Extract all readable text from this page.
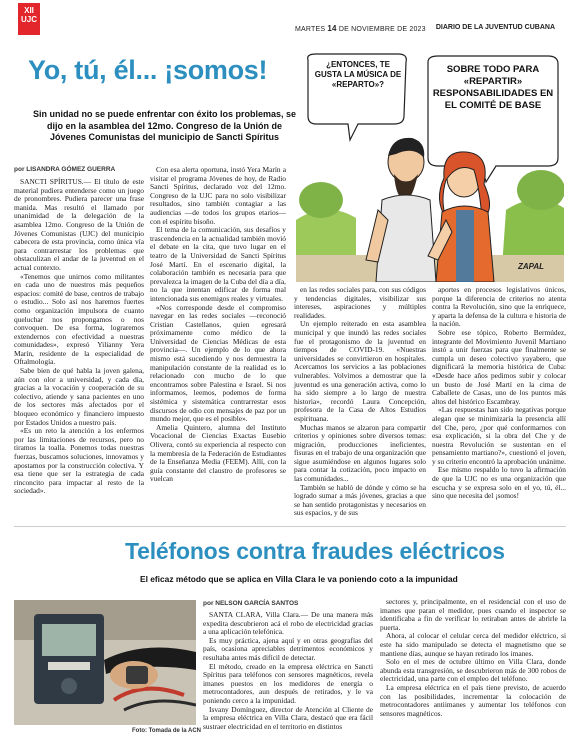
XII UJC
MARTES 14 DE NOVIEMBRE DE 2023 DIARIO DE LA JUVENTUD CUBANA
Yo, tú, él... ¡somos!
Sin unidad no se puede enfrentar con éxito los problemas, se dijo en la asamblea del 12mo. Congreso de la Unión de Jóvenes Comunistas del municipio de Sancti Spíritus
por LISANDRA GÓMEZ GUERRA
¿ENTONCES, TE GUSTA LA MÚSICA DE «REPARTO»?
SOBRE TODO PARA «REPARTIR» RESPONSABILIDADES EN EL COMITÉ DE BASE
ZAPAL

SANCTI SPÍRITUS.— El título de este material pudiera entenderse como un juego de pronombres. Pudiera parecer una frase manida. Mas resultó el llamado por unanimidad de la delegación de la asamblea 12mo. Congreso de la Unión de Jóvenes Comunistas (UJC) del municipio cabecera de esta provincia, como única vía para contrarrestar los problemas que obstaculizan el andar de la juventud en el actual contexto.

«Tenemos que unirnos como militantes en cada uno de nuestros más pequeños espacios: comité de base, centros de trabajo o estudio... Solo así nos haremos fuertes como organización impulsora de cuanto queluchar nos propongamos o nos convoquen. De esa forma, lograremos extendernos con efectividad a nuestras comunidades», expresó Yilianny Yera Marín, residente de la especialidad de Oftalmología.

Sabe bien de qué habla la joven galena, aún con olor a universidad, y cada día, gracias a la vocación y cooperación de su colectivo, atiende y sana pacientes en uno de los sectores más afectados por el bloqueo económico y financiero impuesto por Estados Unidos a nuestro país.

«Es un reto la atención a los enfermos por las limitaciones de recursos, pero no tiramos la toalla. Ponemos todas nuestras fuerzas, buscamos soluciones, innovamos y apostamos por la construcción colectiva. Y esa tiene que ser la estrategia de cada rinconcito para impactar al resto de la sociedad».

Con esa alerta oportuna, instó Yera Marín a visitar el programa Jóvenes de hoy, de Radio Sancti Spíritus, declarado voz del 12mo. Congreso de la UJC para no solo visibilizar resultados, sino también contagiar a las audiencias —de todos los grupos etarios— con el espíritu bisoño.

El tema de la comunicación, sus desafíos y trascendencia en la actualidad también movió el debate en la cita, que tuvo lugar en el teatro de la Universidad de Sancti Spíritus José Martí. En el escenario digital, la colaboración también es necesaria para que prevalezca la imagen de la Cuba del día a día, no la que intentan edificar de forma mal intencionada sus enemigos reales y virtuales.

«Nos corresponde desde el compromiso navegar en las redes sociales —reconoció Cristian Castellanos, quien egresará próximamente como médico de la Universidad de Ciencias Médicas de esta provincia—. Un ejemplo de lo que ahora mismo está sucediendo y nos demuestra la manipulación constante de la realidad es lo relacionado con mucho de lo que encontramos sobre Palestina e Israel. Si nos informamos, leemos, podemos de forma sistémica y sistemática contrarrestar esos discursos de odio con mensajes de paz por un mundo mejor, que es el posible».

Amelia Quintero, alumna del Instituto Vocacional de Ciencias Exactas Eusebio Olivera, contó su experiencia al respecto con la membresía de la Federación de Estudiantes de la Enseñanza Media (FEEM). Allí, con la guía constante del claustro de profesores se vuelcan

en las redes sociales para, con sus códigos y tendencias digitales, visibilizar sus intereses, aspiraciones y múltiples realidades.

Un ejemplo reiterado en esta asamblea municipal y que inundó las redes sociales fue el protagonismo de la juventud en tiempos de COVID-19. «Nuestras universidades se convirtieron en hospitales. Acercamos los servicios a las poblaciones vulnerables. Volvimos a demostrar que la juventud es una generación activa, como lo ha sido siempre a lo largo de nuestra historia», recordó Laura Concepción, profesora de la Casa de Altos Estudios espirituana.

Muchas manos se alzaron para compartir criterios y opiniones sobre diversos temas: migración, producciones ineficientes, fisuras en el trabajo de una organización que sigue asumiéndose en algunos lugares solo para contar la cotización, poco impacto en las comunidades...

También se habló de dónde y cómo se ha logrado sumar a más jóvenes, gracias a que se han sentido protagonistas y necesarios en sus espacios, y de sus

aportes en procesos legislativos únicos, porque la diferencia de criterios no atenta contra la Revolución, sino que la enriquece, y aparta la defensa de la cultura e historia de la nación.

Sobre ese tópico, Roberto Bermúdez, integrante del Movimiento Juvenil Martiano instó a unir fuerzas para que finalmente se cumpla un deseo colectivo yayabero, que dignificará la memoria histórica de Cuba: «Desde hace años pedimos subir y colocar un busto de José Martí en la cima de Caballete de Casas, uno de los puntos más altos del histórico Escambray.

«Las respuestas han sido negativas porque alegan que se minimizaría la presencia allí del Che, pero, ¿por qué conformarnos con esa explicación, si la obra del Che y de nuestra Revolución se sustentan en el pensamiento martiano?», cuestionó el joven, y su criterio encontró la aprobación unánime.

Ese mismo respaldo lo tuvo la afirmación de que la UJC no es una organización que escucha y se expresa solo en el yo, tú, él... sino que necesita del ¡somos!

Teléfonos contra fraudes eléctricos
El eficaz método que se aplica en Villa Clara le va poniendo coto a la impunidad
Foto: Tomada de la ACN
por NELSON GARCÍA SANTOS

SANTA CLARA, Villa Clara.— De una manera más expedita descubrieron acá el robo de electricidad gracias a una aplicación telefónica.

Es muy práctica, ajena aquí y en otras geografías del país, ocasiona apreciables detrimentos económicos y resultaba antes más difícil de detectar.

El método, creado en la empresa eléctrica en Sancti Spíritus para teléfonos con sensores magnéticos, revela imanes puestos en los medidores de energía o metrocontadores, aun después de retirados, y le va poniendo cerco a la impunidad.

Isvany Domínguez, director de Atención al Cliente de la empresa eléctrica en Villa Clara, destacó que era fácil sustraer electricidad en el territorio en distintos

sectores y, principalmente, en el residencial con el uso de imanes que paran el medidor, pues cuando el inspector se identificaba a fin de verificar lo retiraban antes de abrirle la puerta.

Ahora, al colocar el celular cerca del medidor eléctrico, si este ha sido manipulado se detecta el magnetismo que se mantiene días, aunque se hayan retirado los imanes.

Solo en el mes de octubre último en Villa Clara, donde abunda esta transgresión, se descubrieron más de 300 robos de electricidad, una parte con el empleo del teléfono.

La empresa eléctrica en el país tiene previsto, de acuerdo con las posibilidades, incrementar la colocación de metrocontadores antiimanes y aumentar los teléfonos con sensores magnéticos.
